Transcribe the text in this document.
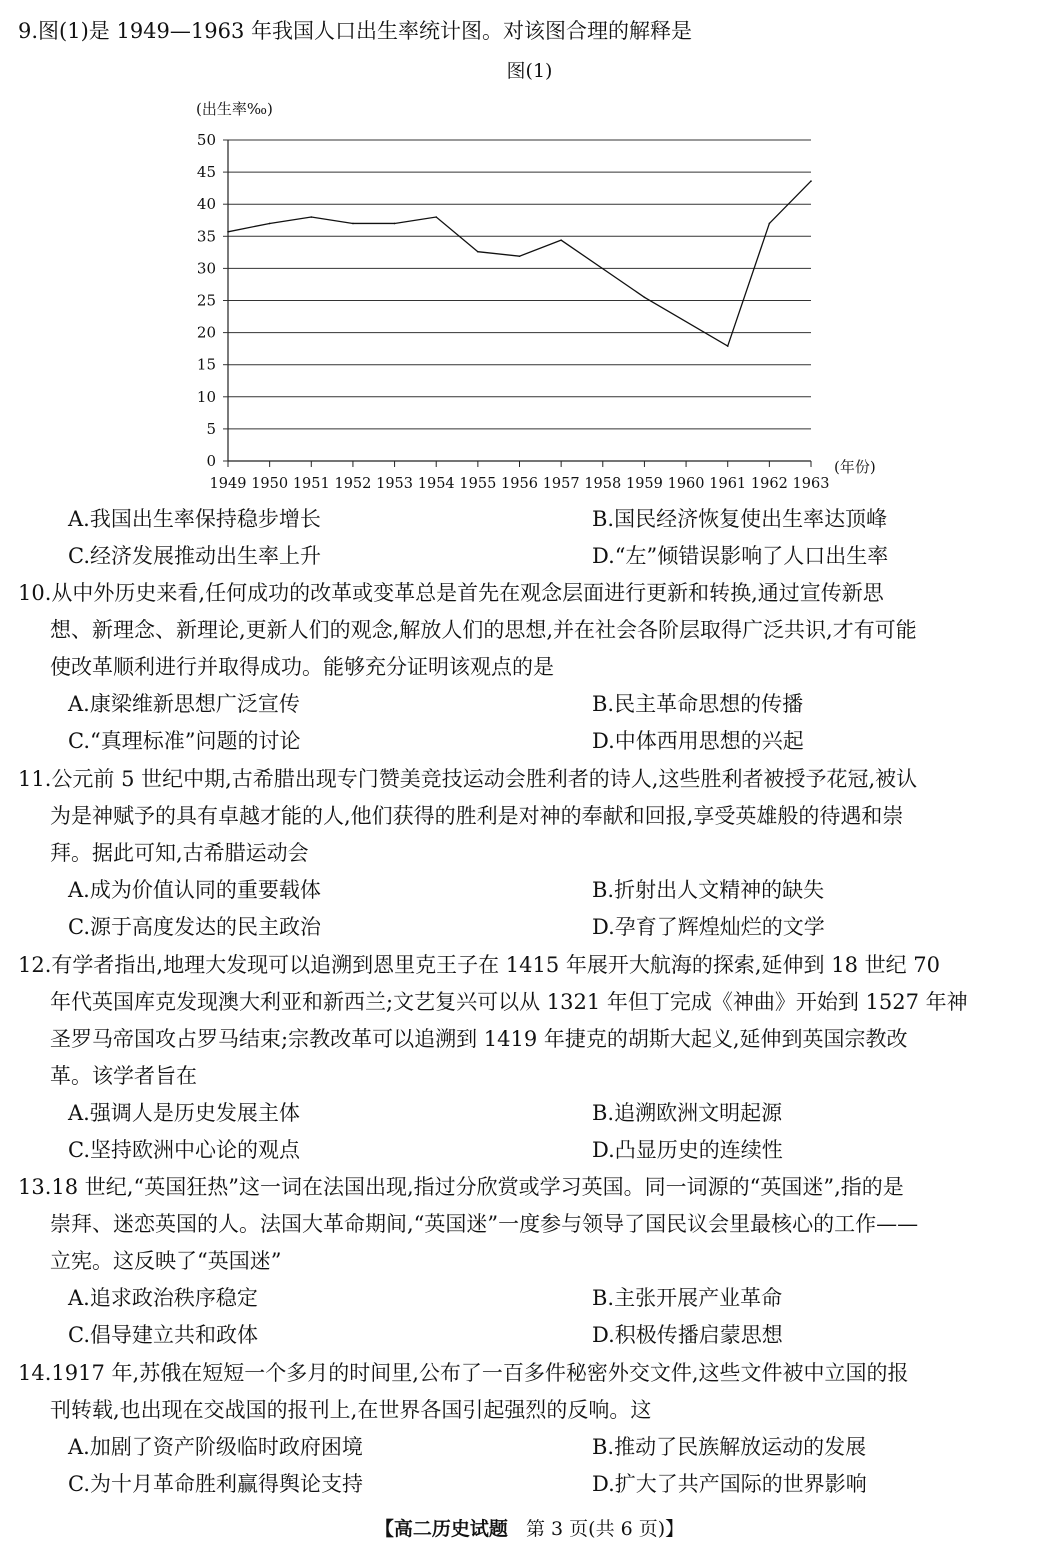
9.图(1)是 1949—1963 年我国人口出生率统计图。对该图合理的解释是
图(1)
(出生率‰)
(年份)
0
5
10
15
20
25
30
35
40
45
50
1949 1950 1951 1952 1953 1954 1955 1956 1957 1958 1959 1960 1961 1962 1963
A.我国出生率保持稳步增长	B.国民经济恢复使出生率达顶峰
C.经济发展推动出生率上升	D.“左”倾错误影响了人口出生率
10.从中外历史来看,任何成功的改革或变革总是首先在观念层面进行更新和转换,通过宣传新思
想、新理念、新理论,更新人们的观念,解放人们的思想,并在社会各阶层取得广泛共识,才有可能
使改革顺利进行并取得成功。能够充分证明该观点的是
A.康梁维新思想广泛宣传	B.民主革命思想的传播
C.“真理标准”问题的讨论	D.中体西用思想的兴起
11.公元前 5 世纪中期,古希腊出现专门赞美竞技运动会胜利者的诗人,这些胜利者被授予花冠,被认
为是神赋予的具有卓越才能的人,他们获得的胜利是对神的奉献和回报,享受英雄般的待遇和崇
拜。据此可知,古希腊运动会
A.成为价值认同的重要载体	B.折射出人文精神的缺失
C.源于高度发达的民主政治	D.孕育了辉煌灿烂的文学
12.有学者指出,地理大发现可以追溯到恩里克王子在 1415 年展开大航海的探索,延伸到 18 世纪 70
年代英国库克发现澳大利亚和新西兰;文艺复兴可以从 1321 年但丁完成《神曲》开始到 1527 年神
圣罗马帝国攻占罗马结束;宗教改革可以追溯到 1419 年捷克的胡斯大起义,延伸到英国宗教改
革。该学者旨在
A.强调人是历史发展主体	B.追溯欧洲文明起源
C.坚持欧洲中心论的观点	D.凸显历史的连续性
13.18 世纪,“英国狂热”这一词在法国出现,指过分欣赏或学习英国。同一词源的“英国迷”,指的是
崇拜、迷恋英国的人。法国大革命期间,“英国迷”一度参与领导了国民议会里最核心的工作——
立宪。这反映了“英国迷”
A.追求政治秩序稳定	B.主张开展产业革命
C.倡导建立共和政体	D.积极传播启蒙思想
14.1917 年,苏俄在短短一个多月的时间里,公布了一百多件秘密外交文件,这些文件被中立国的报
刊转载,也出现在交战国的报刊上,在世界各国引起强烈的反响。这
A.加剧了资产阶级临时政府困境	B.推动了民族解放运动的发展
C.为十月革命胜利赢得舆论支持	D.扩大了共产国际的世界影响
【高二历史试题 第 3 页(共 6 页)】
